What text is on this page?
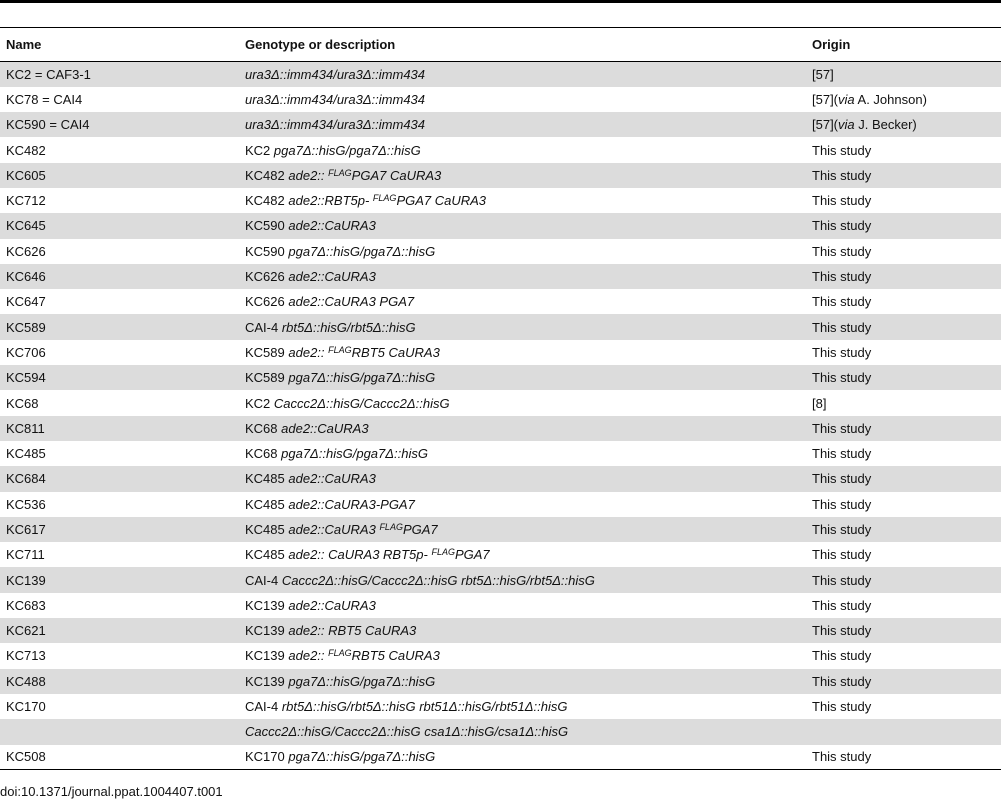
Name	Genotype or description	Origin
KC2 = CAF3-1	ura3Δ::imm434/ura3Δ::imm434	[57]
KC78 = CAI4	ura3Δ::imm434/ura3Δ::imm434	[57](via A. Johnson)
KC590 = CAI4	ura3Δ::imm434/ura3Δ::imm434	[57](via J. Becker)
KC482	KC2 pga7Δ::hisG/pga7Δ::hisG	This study
KC605	KC482 ade2:: $^{FLAG}$PGA7 CaURA3	This study
KC712	KC482 ade2::RBT5p- $^{FLAG}$PGA7 CaURA3	This study
KC645	KC590 ade2::CaURA3	This study
KC626	KC590 pga7Δ::hisG/pga7Δ::hisG	This study
KC646	KC626 ade2::CaURA3	This study
KC647	KC626 ade2::CaURA3 PGA7	This study
KC589	CAI-4 rbt5Δ::hisG/rbt5Δ::hisG	This study
KC706	KC589 ade2:: $^{FLAG}$RBT5 CaURA3	This study
KC594	KC589 pga7Δ::hisG/pga7Δ::hisG	This study
KC68	KC2 Caccc2Δ::hisG/Caccc2Δ::hisG	[8]
KC811	KC68 ade2::CaURA3	This study
KC485	KC68 pga7Δ::hisG/pga7Δ::hisG	This study
KC684	KC485 ade2::CaURA3	This study
KC536	KC485 ade2::CaURA3-PGA7	This study
KC617	KC485 ade2::CaURA3 $^{FLAG}$PGA7	This study
KC711	KC485 ade2:: CaURA3 RBT5p- $^{FLAG}$PGA7	This study
KC139	CAI-4 Caccc2Δ::hisG/Caccc2Δ::hisG rbt5Δ::hisG/rbt5Δ::hisG	This study
KC683	KC139 ade2::CaURA3	This study
KC621	KC139 ade2:: RBT5 CaURA3	This study
KC713	KC139 ade2:: $^{FLAG}$RBT5 CaURA3	This study
KC488	KC139 pga7Δ::hisG/pga7Δ::hisG	This study
KC170	CAI-4 rbt5Δ::hisG/rbt5Δ::hisG rbt51Δ::hisG/rbt51Δ::hisG	This study
	Caccc2Δ::hisG/Caccc2Δ::hisG csa1Δ::hisG/csa1Δ::hisG	
KC508	KC170 pga7Δ::hisG/pga7Δ::hisG	This study
doi:10.1371/journal.ppat.1004407.t001
